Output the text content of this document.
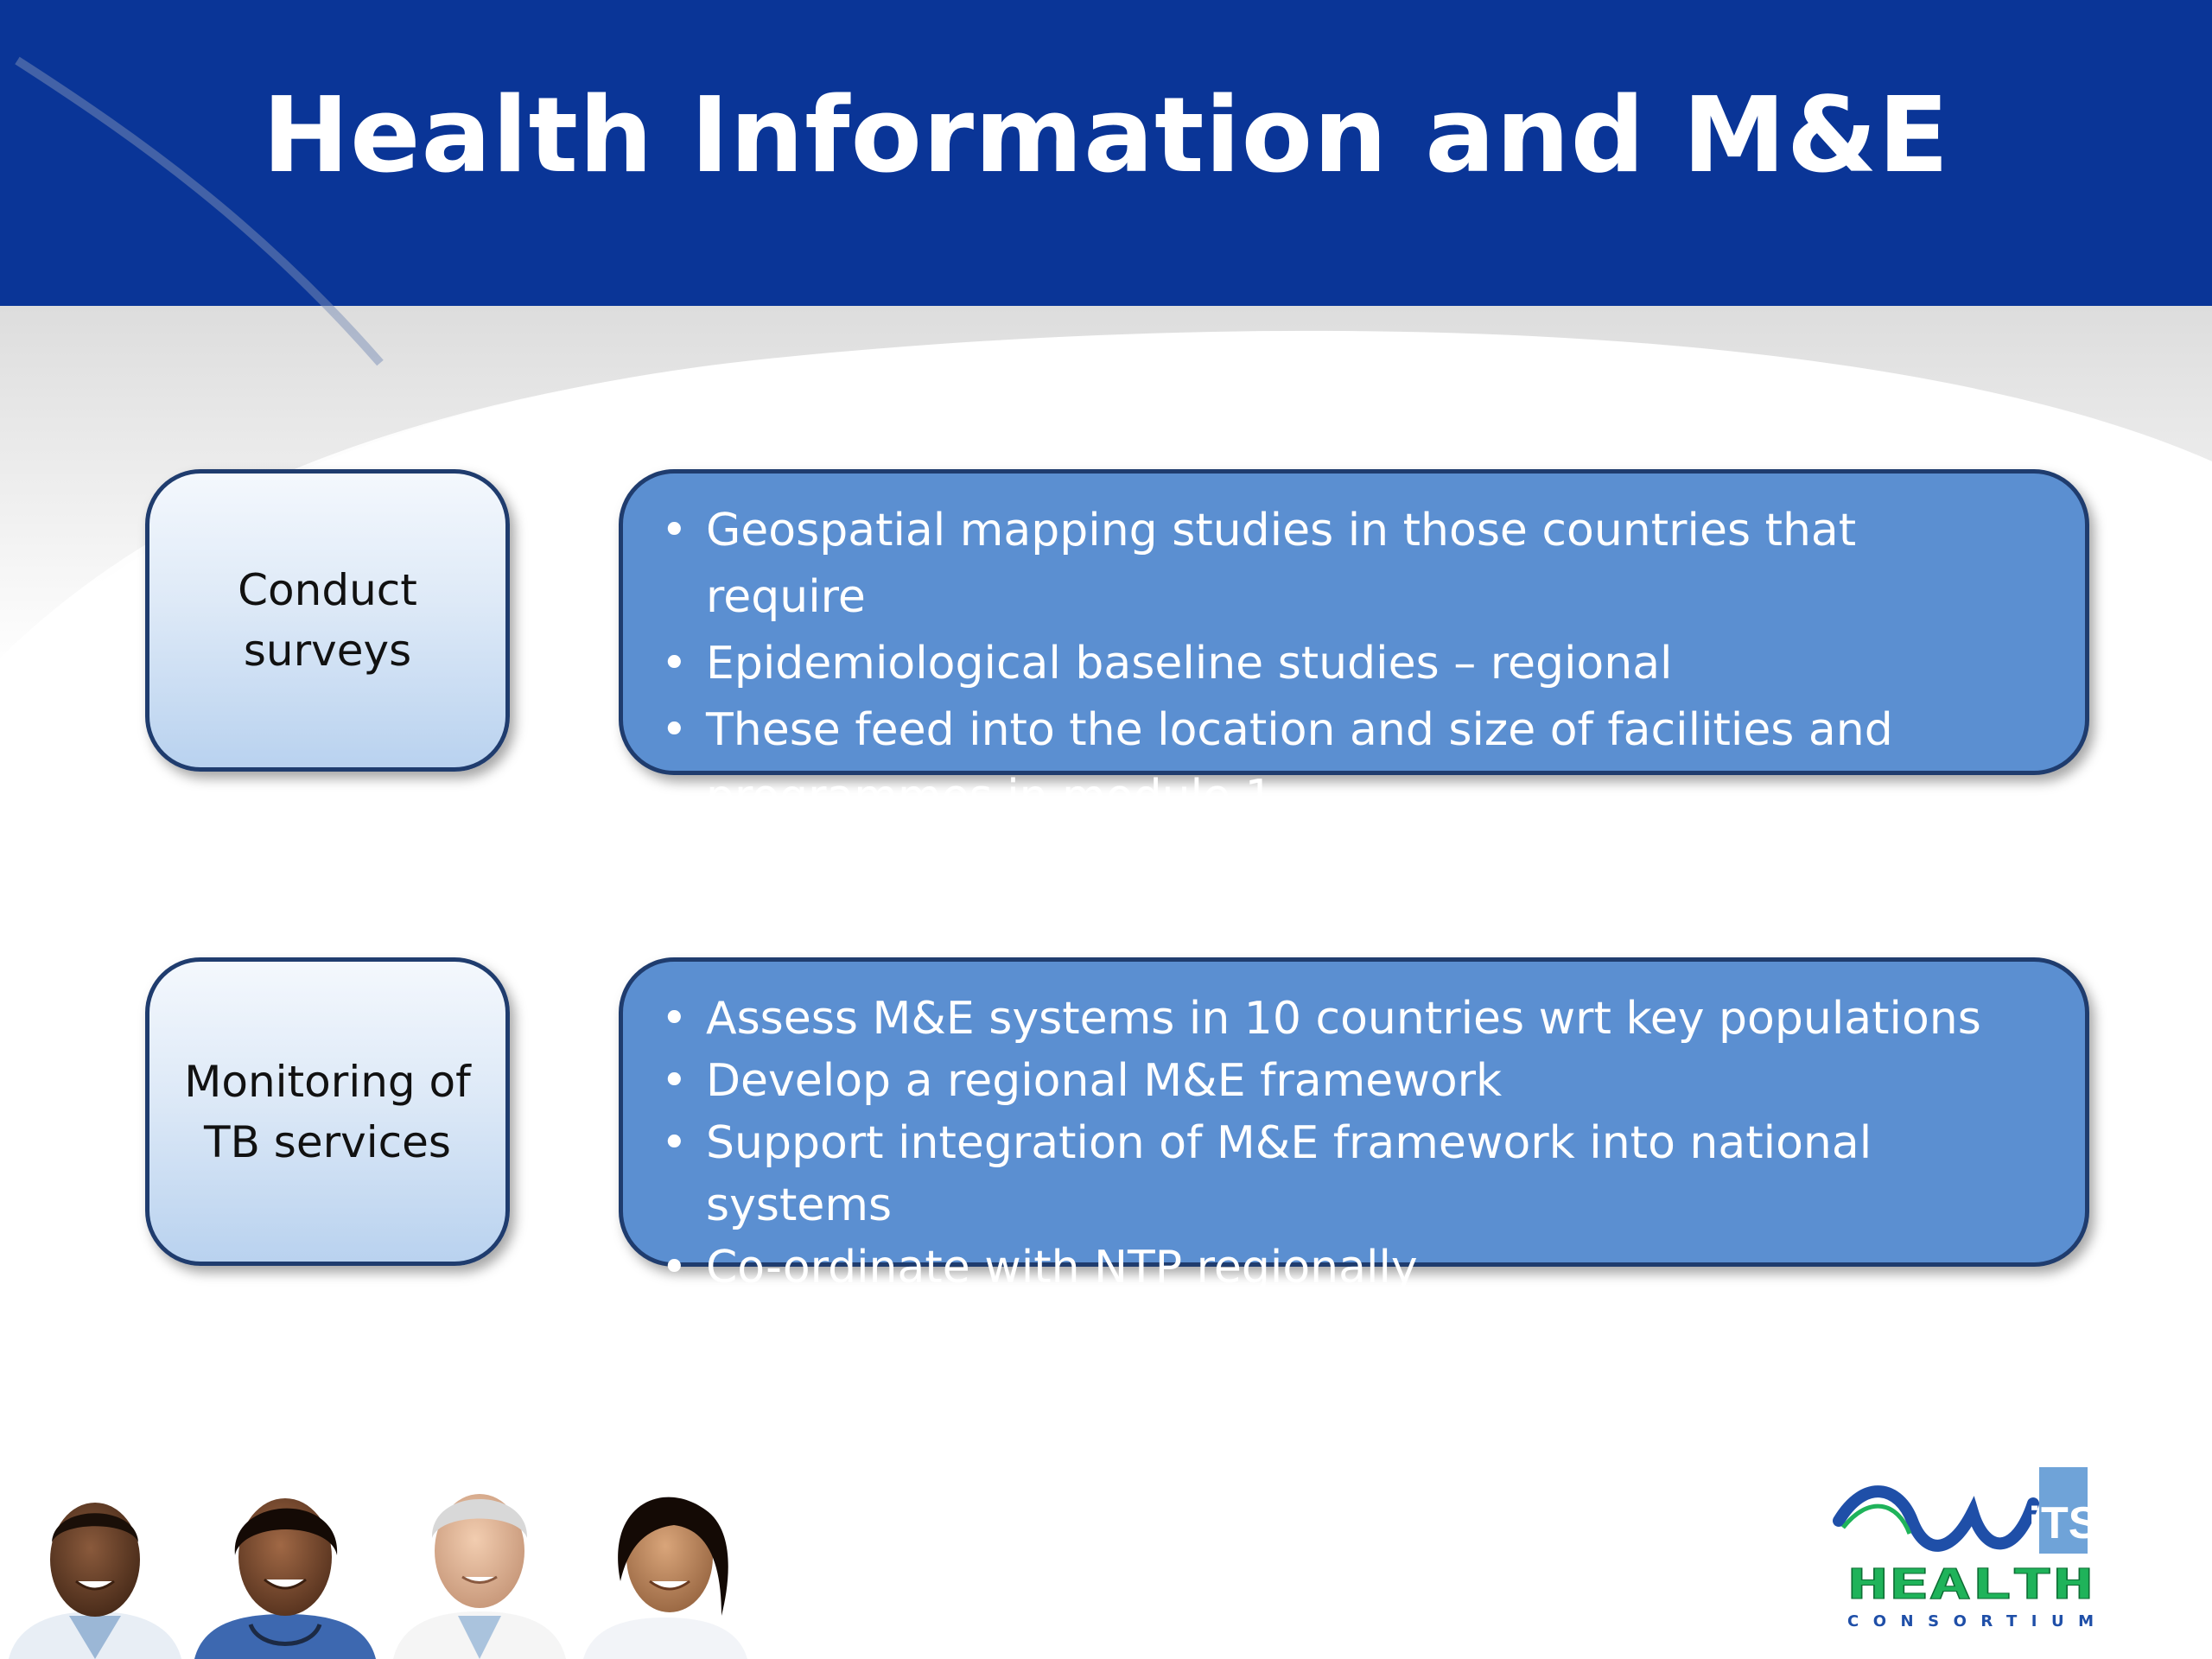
Health Information and M&E
Conduct
surveys
• Geospatial mapping studies in those countries that require
• Epidemiological baseline studies – regional
• These feed into the location and size of facilities and programmes in module 1
Monitoring of
TB services
• Assess M&E systems in 10 countries wrt key populations
• Develop a regional M&E framework
• Support integration of M&E framework into national systems
• Co-ordinate with NTP regionally
iTS
HEALTH
CONSORTIUM
